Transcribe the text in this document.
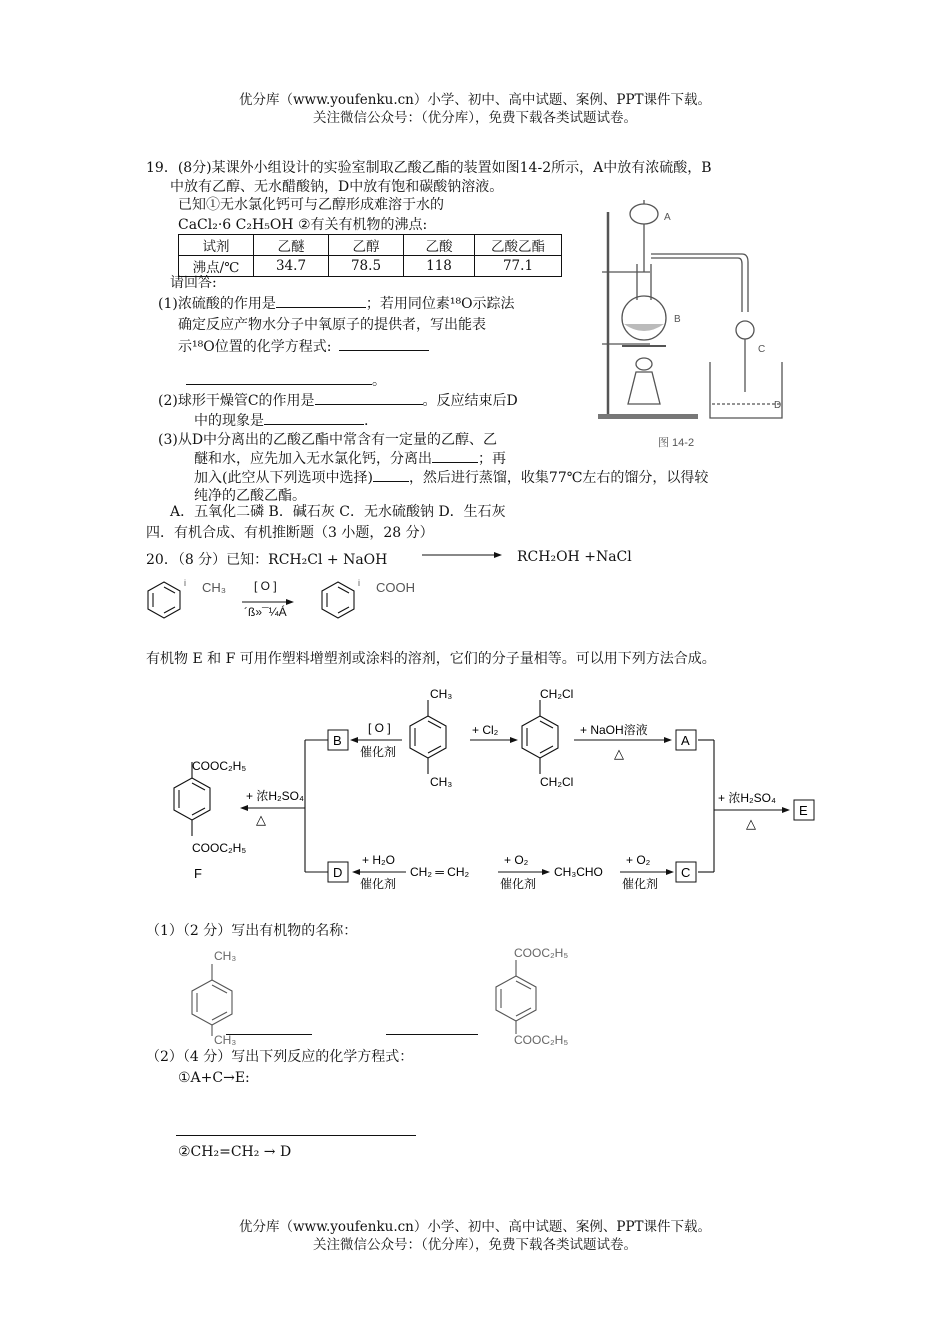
优分库（www.youfenku.cn）小学、初中、高中试题、案例、PPT课件下载。
关注微信公众号：（优分库），免费下载各类试题试卷。
19．(8分)某课外小组设计的实验室制取乙酸乙酯的装置如图14-2所示，A中放有浓硫酸，B
中放有乙醇、无水醋酸钠，D中放有饱和碳酸钠溶液。
已知①无水氯化钙可与乙醇形成难溶于水的
CaCl₂·6 C₂H₅OH ②有关有机物的沸点:
试剂	乙醚	乙醇	乙酸	乙酸乙酯
沸点/℃	34.7	78.5	118	77.1
请回答:
(1)浓硫酸的作用是	；若用同位素¹⁸O示踪法
确定反应产物水分子中氧原子的提供者，写出能表
示¹⁸O位置的化学方程式:
。
(2)球形干燥管C的作用是	。反应结束后D
中的现象是	.
(3)从D中分离出的乙酸乙酯中常含有一定量的乙醇、乙
醚和水，应先加入无水氯化钙，分离出	；再
加入(此空从下列选项中选择)	，然后进行蒸馏，收集77℃左右的馏分，以得较
纯净的乙酸乙酯。
A．五氧化二磷 B．碱石灰 C．无水硫酸钠 D．生石灰
A
B
C
D
图 14-2
四．有机合成、有机推断题（3 小题，28 分）
20．（8 分）已知：RCH₂Cl + NaOH	RCH₂OH +NaCl
i CH₃ [ O ]
´ß»¯¼Á
i COOH
有机物 E 和 F 可用作塑料增塑剂或涂料的溶剂，它们的分子量相等。可以用下列方法合成。
B	A
E
D	C
CH₃
CH₃
CH₂Cl
CH₂Cl
[ O ]
催化剂
+ Cl₂	+ NaOH溶液
△
+ 浓H₂SO₄
△
+ 浓H₂SO₄
△
COOC₂H₅
COOC₂H₅
F
+ H₂O
催化剂
CH₂ ═ CH₂
+ O₂
催化剂
CH₃CHO
+ O₂
催化剂
（1）（2 分）写出有机物的名称：
CH₃
CH₃
COOC₂H₅
COOC₂H₅
（2）（4 分）写出下列反应的化学方程式：
①A+C→E:
②CH₂=CH₂ → D
优分库（www.youfenku.cn）小学、初中、高中试题、案例、PPT课件下载。
关注微信公众号：（优分库），免费下载各类试题试卷。
